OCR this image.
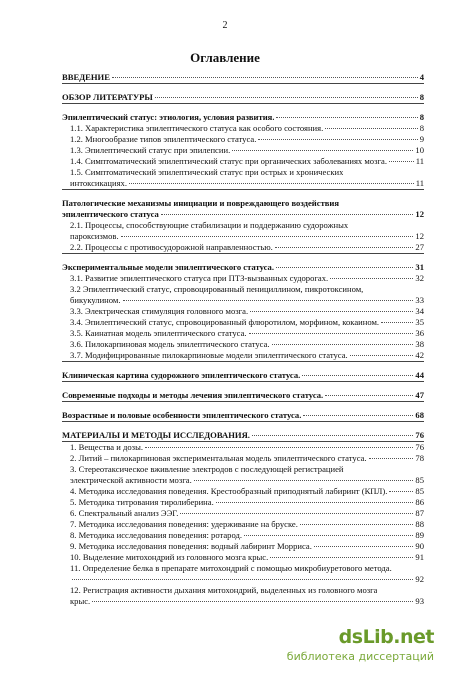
2
Оглавление
ВВЕДЕНИЕ	4
ОБЗОР ЛИТЕРАТУРЫ	8
Эпилептический статус: этиология, условия развития.	8
1.1. Характеристика эпилептического статуса как особого состояния.	8
1.2. Многообразие типов эпилептического статуса.	9
1.3. Эпилептический статус при эпилепсии.	10
1.4. Симптоматический эпилептический статус при органических заболеваниях мозга.	11
1.5. Симптоматический эпилептический статус при острых и хронических
интоксикациях.	11
Патологические механизмы инициации и повреждающего воздействия
эпилептического статуса	12
2.1. Процессы, способствующие стабилизации и поддержанию судорожных
пароксизмов.	12
2.2. Процессы с противосудорожной направленностью.	27
Экспериментальные модели эпилептического статуса.	31
3.1. Развитие эпилептического статуса при ПТЗ-вызванных судорогах.	32
3.2 Эпилептический статус, спровоцированный пенициллином, пикротоксином,
бикукулином.	33
3.3. Электрическая стимуляция головного мозга.	34
3.4. Эпилептический статус, спровоцированный флюротилом, морфином, кокаином.	35
3.5. Каинатная модель эпилептического статуса.	36
3.6. Пилокарпиновая модель эпилептического статуса.	38
3.7. Модифицированные пилокарпиновые модели эпилептического статуса.	42
Клиническая картина судорожного эпилептического статуса.	44
Современные подходы и методы лечения эпилептического статуса.	47
Возрастные и половые особенности эпилептического статуса.	68
МАТЕРИАЛЫ И МЕТОДЫ ИССЛЕДОВАНИЯ.	76
1. Вещества и дозы.	76
2. Литий – пилокарпиновая экспериментальная модель эпилептического статуса.	78
3. Стереотаксическое вживление электродов с последующей регистрацией
электрической активности мозга.	85
4. Методика исследования поведения. Крестообразный приподнятый лабиринт (КПЛ).	85
5. Методика титрования тиролиберина.	86
6. Спектральный анализ ЭЭГ.	87
7. Методика исследования поведения: удерживание на бруске.	88
8. Методика исследования поведения: ротарод.	89
9. Методика исследования поведения: водный лабиринт Морриса.	90
10. Выделение митохондрий из головного мозга крыс.	91
11. Определение белка в препарате митохондрий с помощью микробиуретового метода.
92
12. Регистрация активности дыхания митохондрий, выделенных из головного мозга
крыс.	93
dsLib.net
библиотека диссертаций
